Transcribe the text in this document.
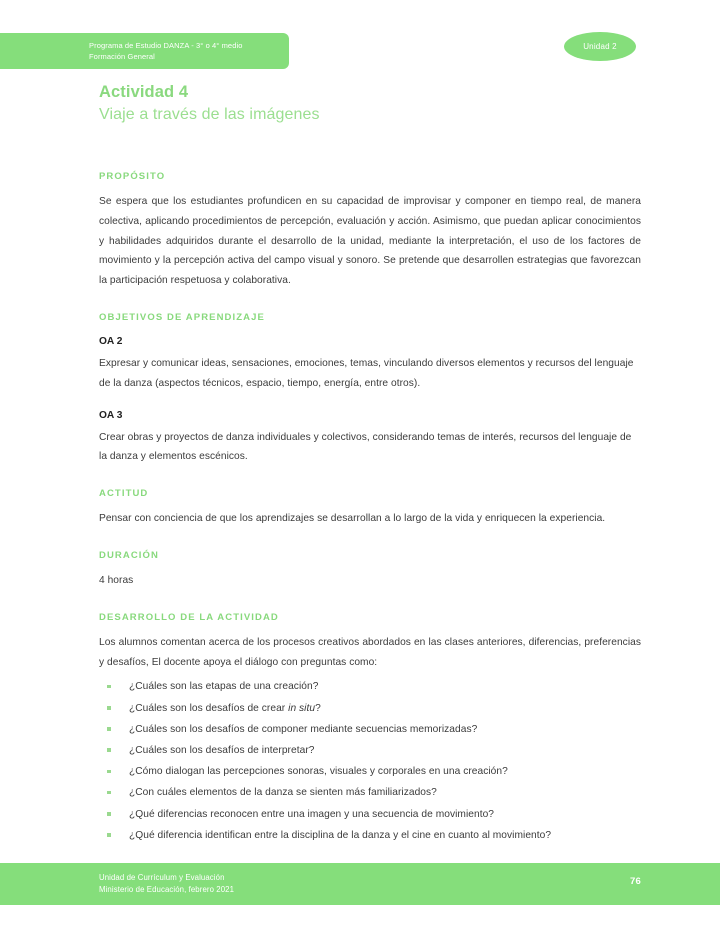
Programa de Estudio DANZA - 3° o 4° medio
Formación General
Unidad 2
Actividad 4
Viaje a través de las imágenes
PROPÓSITO

Se espera que los estudiantes profundicen en su capacidad de improvisar y componer en tiempo real, de manera colectiva, aplicando procedimientos de percepción, evaluación y acción. Asimismo, que puedan aplicar conocimientos y habilidades adquiridos durante el desarrollo de la unidad, mediante la interpretación, el uso de los factores de movimiento y la percepción activa del campo visual y sonoro. Se pretende que desarrollen estrategias que favorezcan la participación respetuosa y colaborativa.

OBJETIVOS DE APRENDIZAJE
OA 2

Expresar y comunicar ideas, sensaciones, emociones, temas, vinculando diversos elementos y recursos del lenguaje de la danza (aspectos técnicos, espacio, tiempo, energía, entre otros).

OA 3

Crear obras y proyectos de danza individuales y colectivos, considerando temas de interés, recursos del lenguaje de la danza y elementos escénicos.

ACTITUD

Pensar con conciencia de que los aprendizajes se desarrollan a lo largo de la vida y enriquecen la experiencia.

DURACIÓN

4 horas

DESARROLLO DE LA ACTIVIDAD

Los alumnos comentan acerca de los procesos creativos abordados en las clases anteriores, diferencias, preferencias y desafíos, El docente apoya el diálogo con preguntas como:

¿Cuáles son las etapas de una creación?
¿Cuáles son los desafíos de crear in situ?
¿Cuáles son los desafíos de componer mediante secuencias memorizadas?
¿Cuáles son los desafíos de interpretar?
¿Cómo dialogan las percepciones sonoras, visuales y corporales en una creación?
¿Con cuáles elementos de la danza se sienten más familiarizados?
¿Qué diferencias reconocen entre una imagen y una secuencia de movimiento?
¿Qué diferencia identifican entre la disciplina de la danza y el cine en cuanto al movimiento?
Unidad de Currículum y Evaluación
Ministerio de Educación, febrero 2021
76
